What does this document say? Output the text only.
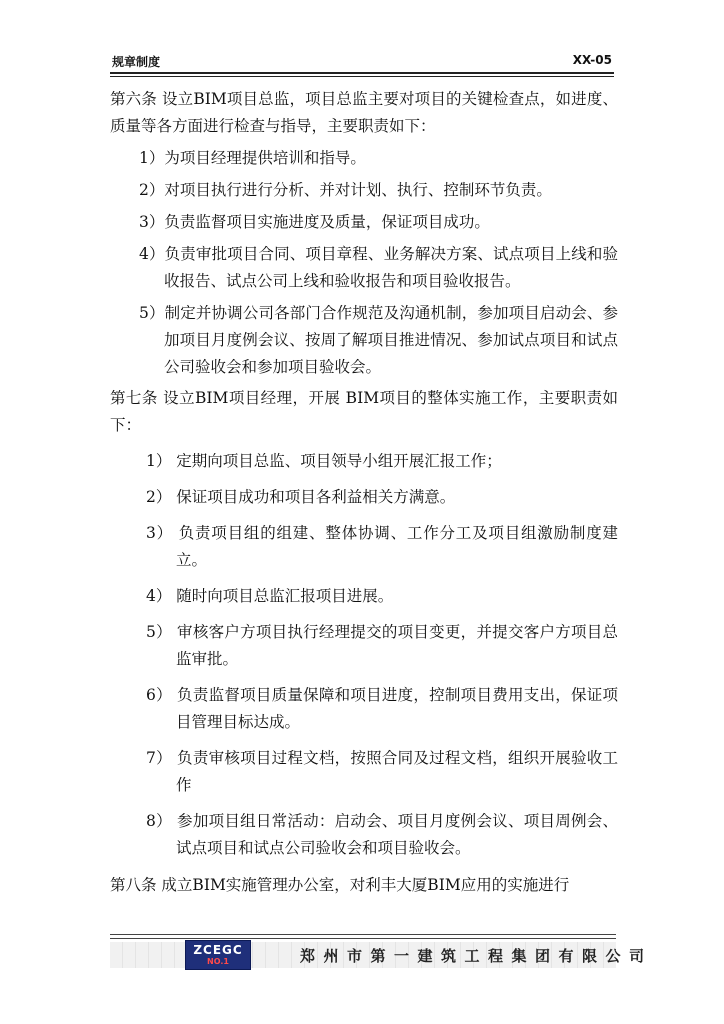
规章制度	XX-05

第六条 设立BIM项目总监，项目总监主要对项目的关键检查点，如进度、质量等各方面进行检查与指导，主要职责如下：

1）为项目经理提供培训和指导。

2）对项目执行进行分析、并对计划、执行、控制环节负责。

3）负责监督项目实施进度及质量，保证项目成功。

4）负责审批项目合同、项目章程、业务解决方案、试点项目上线和验收报告、试点公司上线和验收报告和项目验收报告。

5）制定并协调公司各部门合作规范及沟通机制，参加项目启动会、参加项目月度例会议、按周了解项目推进情况、参加试点项目和试点公司验收会和参加项目验收会。

第七条 设立BIM项目经理，开展 BIM项目的整体实施工作，主要职责如下：

1） 定期向项目总监、项目领导小组开展汇报工作；

2） 保证项目成功和项目各利益相关方满意。

3） 负责项目组的组建、整体协调、工作分工及项目组激励制度建立。

4） 随时向项目总监汇报项目进展。

5） 审核客户方项目执行经理提交的项目变更，并提交客户方项目总监审批。

6） 负责监督项目质量保障和项目进度，控制项目费用支出，保证项目管理目标达成。

7） 负责审核项目过程文档，按照合同及过程文档，组织开展验收工作

8） 参加项目组日常活动：启动会、项目月度例会议、项目周例会、试点项目和试点公司验收会和项目验收会。

第八条 成立BIM实施管理办公室，对利丰大厦BIM应用的实施进行

ZCEGC
NO.1	郑州市第一建筑工程集团有限公司
